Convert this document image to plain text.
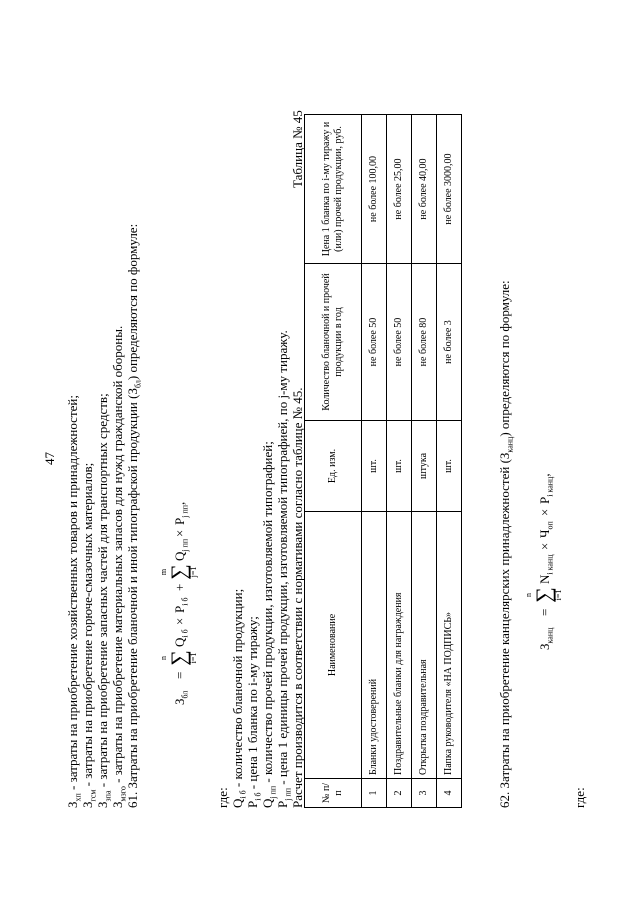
47
$З_{хп}$ - затраты на приобретение хозяйственных товаров и принадлежностей;
$З_{гсм}$ - затраты на приобретение горюче-смазочных материалов;
$З_{зпа}$ - затраты на приобретение запасных частей для транспортных средств;
$З_{мзго}$ - затраты на приобретение материальных запасов для нужд гражданской обороны. 61. Затраты на приобретение бланочной и иной типографской продукции $(З_{бл})$ определяются по формуле:
$З_{бл}$
=
n
∑
i=1
$Q_{i б}$
×
$P_{i б}$
+
m
∑
j=1
$Q_{j пп}$
×
$P_{j пп}$,
где: $Q_{i б}$ - количество бланочной продукции;
$P_{i б}$ - цена 1 бланка по i-му тиражу;
$Q_{j пп}$ - количество прочей продукции, изготовляемой типографией;
$P_{j пп}$ - цена 1 единицы прочей продукции, изготовляемой типографией, по j-му тиражу. Расчет производится в соответствии с нормативами согласно таблице № 45.
Таблица № 45
№ п/п	Наименование	Ед. изм.	Количество бланочной и прочей продукции в год	Цена 1 бланка по i-му тиражу и (или) прочей продукции, руб.
1	Бланки удостоверений	шт.	не более 50	не более 100,00
2	Поздравительные бланки для награждения	шт.	не более 50	не более 25,00
3	Открытка поздравительная	штука	не более 80	не более 40,00
4	Папка руководителя «НА ПОДПИСЬ»	шт.	не более 3	не более 3000,00
62. Затраты на приобретение канцелярских принадлежностей $(З_{канц})$ определяются по формуле:
$З_{канц}$
=
n
∑
i=1
$N_{i канц}$
×
$Ч_{оп}$
×
$P_{i канц}$,
где:
